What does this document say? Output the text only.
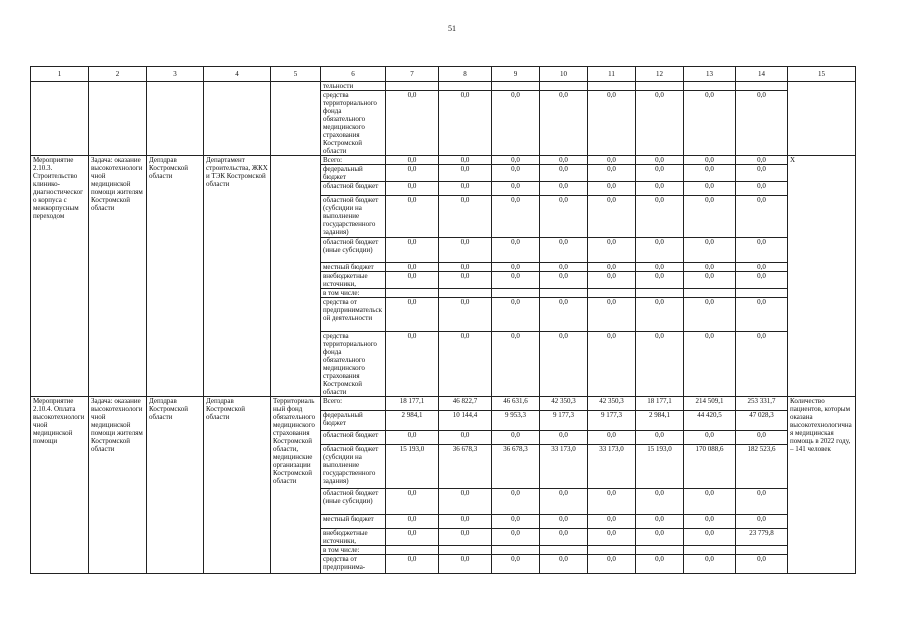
51
1	2	3	4	5	6	7	8	9	10	11	12	13	14	15
					тельности									
					средства территориального фонда обязательного медицинского страхования Костромской области	0,0	0,0	0,0	0,0	0,0	0,0	0,0	0,0	
Мероприятие 2.10.3. Строительство клинико-диагностического корпуса с межкорпусным переходом	Задача: оказание высокотехнологичной медицинской помощи жителям Костромской области	Депздрав Костромской области	Департамент строительства, ЖКХ и ТЭК Костромской области		Всего:	0,0	0,0	0,0	0,0	0,0	0,0	0,0	0,0	X
					федеральный бюджет	0,0	0,0	0,0	0,0	0,0	0,0	0,0	0,0	
					областной бюджет	0,0	0,0	0,0	0,0	0,0	0,0	0,0	0,0	
					областной бюджет (субсидии на выполнение государственного задания)	0,0	0,0	0,0	0,0	0,0	0,0	0,0	0,0	
					областной бюджет (иные субсидии)	0,0	0,0	0,0	0,0	0,0	0,0	0,0	0,0	
					местный бюджет	0,0	0,0	0,0	0,0	0,0	0,0	0,0	0,0	
					внебюджетные источники,	0,0	0,0	0,0	0,0	0,0	0,0	0,0	0,0	
					в том числе:									
					средства от предпринимательской деятельности	0,0	0,0	0,0	0,0	0,0	0,0	0,0	0,0	
					средства территориального фонда обязательного медицинского страхования Костромской области	0,0	0,0	0,0	0,0	0,0	0,0	0,0	0,0	
Мероприятие 2.10.4. Оплата высокотехнологичной медицинской помощи	Задача: оказание высокотехнологичной медицинской помощи жителям Костромской области	Депздрав Костромской области	Депздрав Костромской области	Территориальный фонд обязательного медицинского страхования Костромской области, медицинские организации Костромской области	Всего:	18 177,1	46 822,7	46 631,6	42 350,3	42 350,3	18 177,1	214 509,1	253 331,7	Количество пациентов, которым оказана высокотехнологичная медицинская помощь в 2022 году, – 141 человек
					федеральный бюджет	2 984,1	10 144,4	9 953,3	9 177,3	9 177,3	2 984,1	44 420,5	47 028,3	
					областной бюджет	0,0	0,0	0,0	0,0	0,0	0,0	0,0	0,0	
					областной бюджет (субсидии на выполнение государственного задания)	15 193,0	36 678,3	36 678,3	33 173,0	33 173,0	15 193,0	170 088,6	182 523,6	
					областной бюджет (иные субсидии)	0,0	0,0	0,0	0,0	0,0	0,0	0,0	0,0	
					местный бюджет	0,0	0,0	0,0	0,0	0,0	0,0	0,0	0,0	
					внебюджетные источники,	0,0	0,0	0,0	0,0	0,0	0,0	0,0	23 779,8	
					в том числе:									
					средства от предпринима-	0,0	0,0	0,0	0,0	0,0	0,0	0,0	0,0	
